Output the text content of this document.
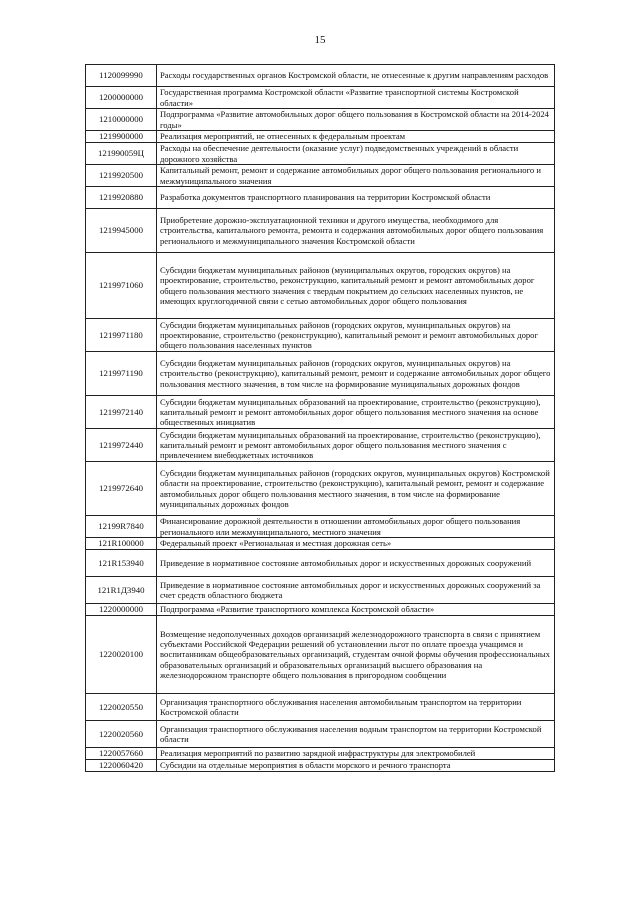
15
1120099990	Расходы государственных органов Костромской области, не отнесенные к другим направлениям расходов
1200000000	Государственная программа Костромской области «Развитие транспортной системы Костромской области»
1210000000	Подпрограмма «Развитие автомобильных дорог общего пользования в Костромской области на 2014-2024 годы»
1219900000	Реализация мероприятий, не отнесенных к федеральным проектам
121990059Ц	Расходы на обеспечение деятельности (оказание услуг) подведомственных учреждений в области дорожного хозяйства
1219920500	Капитальный ремонт, ремонт и содержание автомобильных дорог общего пользования регионального и межмуниципального значения
1219920880	Разработка документов транспортного планирования на территории Костромской области
1219945000	Приобретение дорожно-эксплуатационной техники и другого имущества, необходимого для строительства, капитального ремонта, ремонта и содержания автомобильных дорог общего пользования регионального и межмуниципального значения Костромской области
1219971060	Субсидии бюджетам муниципальных районов (муниципальных округов, городских округов) на проектирование, строительство, реконструкцию, капитальный ремонт и ремонт автомобильных дорог общего пользования местного значения с твердым покрытием до сельских населенных пунктов, не имеющих круглогодичной связи с сетью автомобильных дорог общего пользования
1219971180	Субсидии бюджетам муниципальных районов (городских округов, муниципальных округов) на проектирование, строительство (реконструкцию), капитальный ремонт и ремонт автомобильных дорог общего пользования населенных пунктов
1219971190	Субсидии бюджетам муниципальных районов (городских округов, муниципальных округов) на строительство (реконструкцию), капитальный ремонт, ремонт и содержание автомобильных дорог общего пользования местного значения, в том числе на формирование муниципальных дорожных фондов
1219972140	Субсидии бюджетам муниципальных образований на проектирование, строительство (реконструкцию), капитальный ремонт и ремонт автомобильных дорог общего пользования местного значения на основе общественных инициатив
1219972440	Субсидии бюджетам муниципальных образований на проектирование, строительство (реконструкцию), капитальный ремонт и ремонт автомобильных дорог общего пользования местного значения с привлечением внебюджетных источников
1219972640	Субсидии бюджетам муниципальных районов (городских округов, муниципальных округов) Костромской области на проектирование, строительство (реконструкцию), капитальный ремонт, ремонт и содержание автомобильных дорог общего пользования местного значения, в том числе на формирование муниципальных дорожных фондов
12199R7840	Финансирование дорожной деятельности в отношении автомобильных дорог общего пользования регионального или межмуниципального, местного значения
121R100000	Федеральный проект «Региональная и местная дорожная сеть»
121R153940	Приведение в нормативное состояние автомобильных дорог и искусственных дорожных сооружений
121R1Д3940	Приведение в нормативное состояние автомобильных дорог и искусственных дорожных сооружений за счет средств областного бюджета
1220000000	Подпрограмма «Развитие транспортного комплекса Костромской области»
1220020100	Возмещение недополученных доходов организаций железнодорожного транспорта в связи с принятием субъектами Российской Федерации решений об установлении льгот по оплате проезда учащимся и воспитанникам общеобразовательных организаций, студентам очной формы обучения профессиональных образовательных организаций и образовательных организаций высшего образования на железнодорожном транспорте общего пользования в пригородном сообщении
1220020550	Организация транспортного обслуживания населения автомобильным транспортом на территории Костромской области
1220020560	Организация транспортного обслуживания населения водным транспортом на территории Костромской области
1220057660	Реализация мероприятий по развитию зарядной инфраструктуры для электромобилей
1220060420	Субсидии на отдельные мероприятия в области морского и речного транспорта
